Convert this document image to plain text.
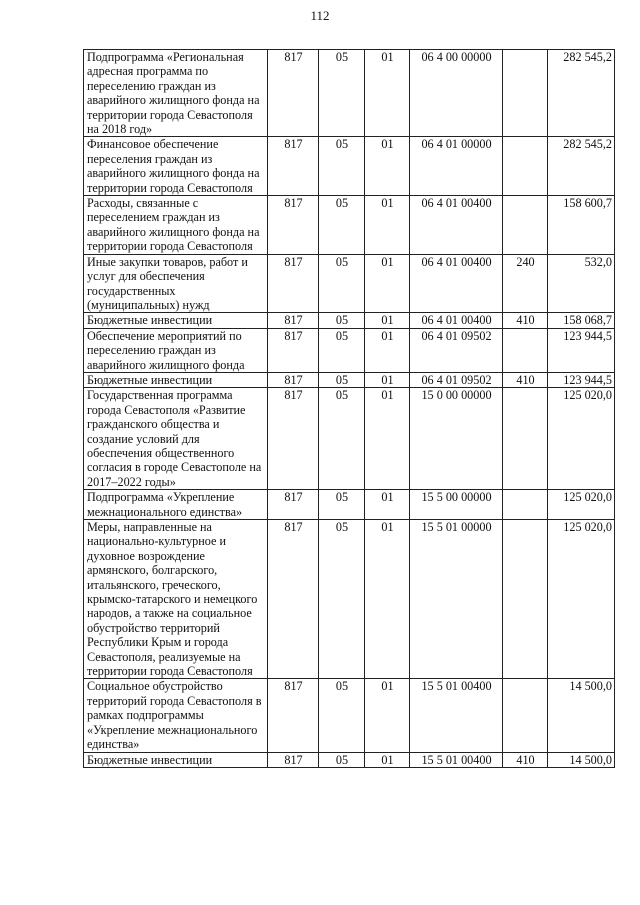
112
Подпрограмма «Региональная адресная программа по переселению граждан из аварийного жилищного фонда на территории города Севастополя на 2018 год»	817	05	01	06 4 00 00000		282 545,2
Финансовое обеспечение переселения граждан из аварийного жилищного фонда на территории города Севастополя	817	05	01	06 4 01 00000		282 545,2
Расходы, связанные с переселением граждан из аварийного жилищного фонда на территории города Севастополя	817	05	01	06 4 01 00400		158 600,7
Иные закупки товаров, работ и услуг для обеспечения государственных (муниципальных) нужд	817	05	01	06 4 01 00400	240	532,0
Бюджетные инвестиции	817	05	01	06 4 01 00400	410	158 068,7
Обеспечение мероприятий по переселению граждан из аварийного жилищного фонда	817	05	01	06 4 01 09502		123 944,5
Бюджетные инвестиции	817	05	01	06 4 01 09502	410	123 944,5
Государственная программа города Севастополя «Развитие гражданского общества и создание условий для обеспечения общественного согласия в городе Севастополе на 2017–2022 годы»	817	05	01	15 0 00 00000		125 020,0
Подпрограмма «Укрепление межнационального единства»	817	05	01	15 5 00 00000		125 020,0
Меры, направленные на национально-культурное и духовное возрождение армянского, болгарского, итальянского, греческого, крымско-татарского и немецкого народов, а также на социальное обустройство территорий Республики Крым и города Севастополя, реализуемые на территории города Севастополя	817	05	01	15 5 01 00000		125 020,0
Социальное обустройство территорий города Севастополя в рамках подпрограммы «Укрепление межнационального единства»	817	05	01	15 5 01 00400		14 500,0
Бюджетные инвестиции	817	05	01	15 5 01 00400	410	14 500,0
